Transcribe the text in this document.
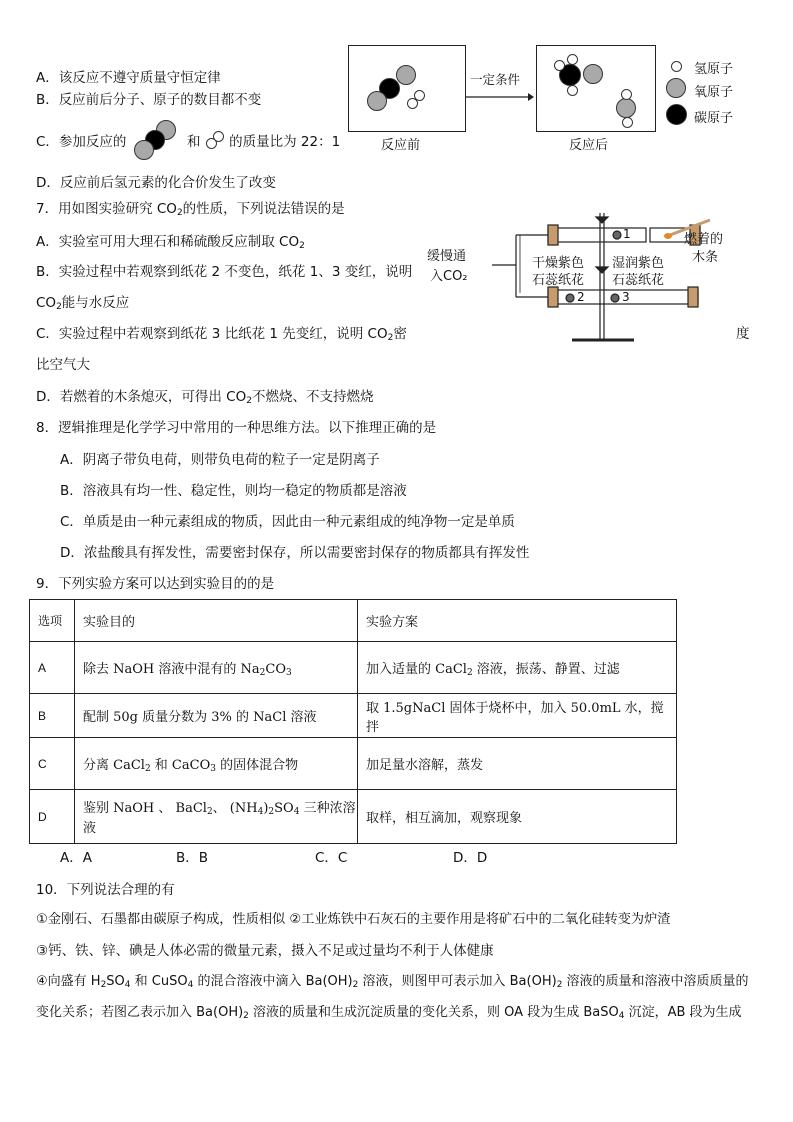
A．该反应不遵守质量守恒定律
B．反应前后分子、原子的数目都不变
C．参加反应的	和 的质量比为 22：1
D．反应前后氢元素的化合价发生了改变
反应前
一定条件
反应后
氢原子
氧原子
碳原子
7．用如图实验研究 $CO_2$的性质，下列说法错误的是
A．实验室可用大理石和稀硫酸反应制取 $CO_2$
B．实验过程中若观察到纸花 2 不变色，纸花 1、3 变红，说明
$CO_2$能与水反应
C．实验过程中若观察到纸花 3 比纸花 1 先变红，说明 $CO_2$密	度
比空气大
D．若燃着的木条熄灭，可得出 $CO_2$不燃烧、不支持燃烧
缓慢通
入CO₂
干燥紫色
石蕊纸花
湿润紫色
石蕊纸花
燃着的
木条
1
2	3
8．逻辑推理是化学学习中常用的一种思维方法。以下推理正确的是
A．阴离子带负电荷，则带负电荷的粒子一定是阴离子
B．溶液具有均一性、稳定性，则均一稳定的物质都是溶液
C．单质是由一种元素组成的物质，因此由一种元素组成的纯净物一定是单质
D．浓盐酸具有挥发性，需要密封保存，所以需要密封保存的物质都具有挥发性
9．下列实验方案可以达到实验目的的是
选项	实验目的	实验方案
A	除去 NaOH 溶液中混有的 $Na_2CO_3$	加入适量的 CaCl$_2$ 溶液，振荡、静置、过滤
B	配制 50g 质量分数为 3% 的 NaCl 溶液	取 1.5gNaCl 固体于烧杯中，加入 50.0mL 水，搅拌
C	分离 CaCl$_2$ 和 CaCO$_3$ 的固体混合物	加足量水溶解，蒸发
D	鉴别 NaOH 、 BaCl$_2$、 $(NH_4)_2SO_4$ 三种浓溶液	取样，相互滴加，观察现象
A．A	B．B	C．C	D．D
10．下列说法合理的有
①金刚石、石墨都由碳原子构成，性质相似 ②工业炼铁中石灰石的主要作用是将矿石中的二氧化硅转变为炉渣
③钙、铁、锌、碘是人体必需的微量元素，摄入不足或过量均不利于人体健康
④向盛有 $H_2SO_4$ 和 CuSO$_4$ 的混合溶液中滴入 $Ba(OH)_2$ 溶液，则图甲可表示加入 $Ba(OH)_2$ 溶液的质量和溶液中溶质质量的
变化关系；若图乙表示加入 $Ba(OH)_2$ 溶液的质量和生成沉淀质量的变化关系，则 OA 段为生成 BaSO$_4$ 沉淀，AB 段为生成
